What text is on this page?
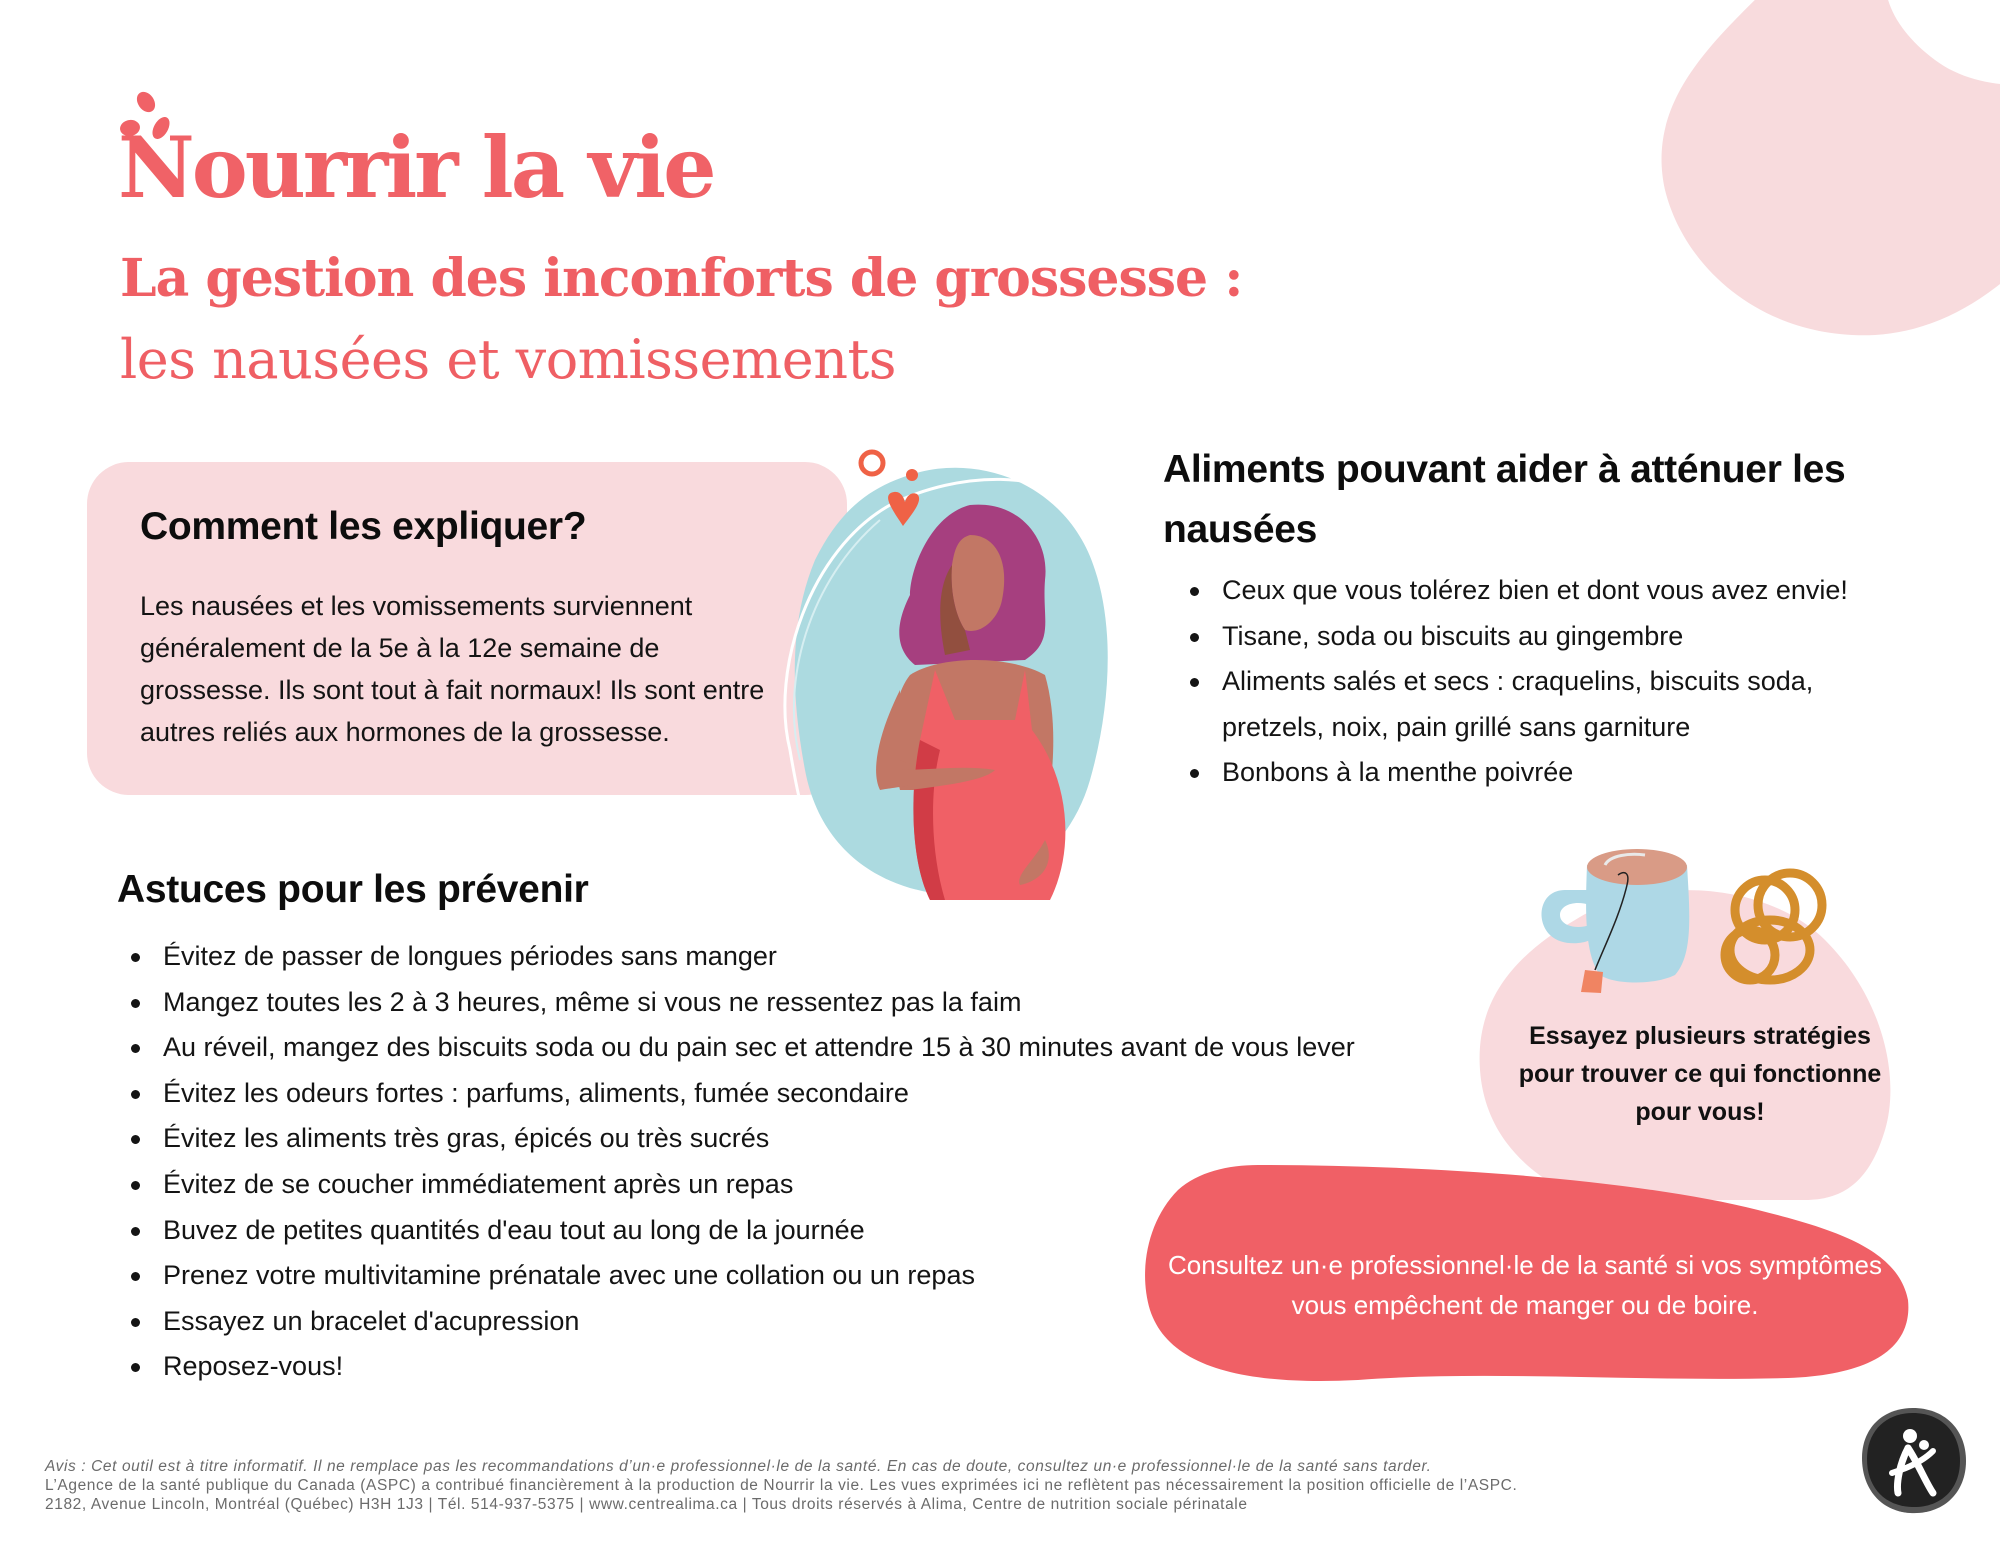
Nourrir la vie
La gestion des inconforts de grossesse :
les nausées et vomissements
Comment les expliquer?
Les nausées et les vomissements surviennent généralement de la 5e à la 12e semaine de grossesse. Ils sont tout à fait normaux! Ils sont entre autres reliés aux hormones de la grossesse.
Aliments pouvant aider à atténuer les nausées
Ceux que vous tolérez bien et dont vous avez envie!
Tisane, soda ou biscuits au gingembre
Aliments salés et secs : craquelins, biscuits soda, pretzels, noix, pain grillé sans garniture
Bonbons à la menthe poivrée
Astuces pour les prévenir
Évitez de passer de longues périodes sans manger
Mangez toutes les 2 à 3 heures, même si vous ne ressentez pas la faim
Au réveil, mangez des biscuits soda ou du pain sec et attendre 15 à 30 minutes avant de vous lever
Évitez les odeurs fortes : parfums, aliments, fumée secondaire
Évitez les aliments très gras, épicés ou très sucrés
Évitez de se coucher immédiatement après un repas
Buvez de petites quantités d'eau tout au long de la journée
Prenez votre multivitamine prénatale avec une collation ou un repas
Essayez un bracelet d'acupression
Reposez-vous!
Essayez plusieurs stratégies pour trouver ce qui fonctionne pour vous!
Consultez un·e professionnel·le de la santé si vos symptômes vous empêchent de manger ou de boire.
Avis : Cet outil est à titre informatif. Il ne remplace pas les recommandations d’un·e professionnel·le de la santé. En cas de doute, consultez un·e professionnel·le de la santé sans tarder.
L’Agence de la santé publique du Canada (ASPC) a contribué financièrement à la production de Nourrir la vie. Les vues exprimées ici ne reflètent pas nécessairement la position officielle de l’ASPC.
2182, Avenue Lincoln, Montréal (Québec) H3H 1J3 | Tél. 514-937-5375 | www.centrealima.ca | Tous droits réservés à Alima, Centre de nutrition sociale périnatale
